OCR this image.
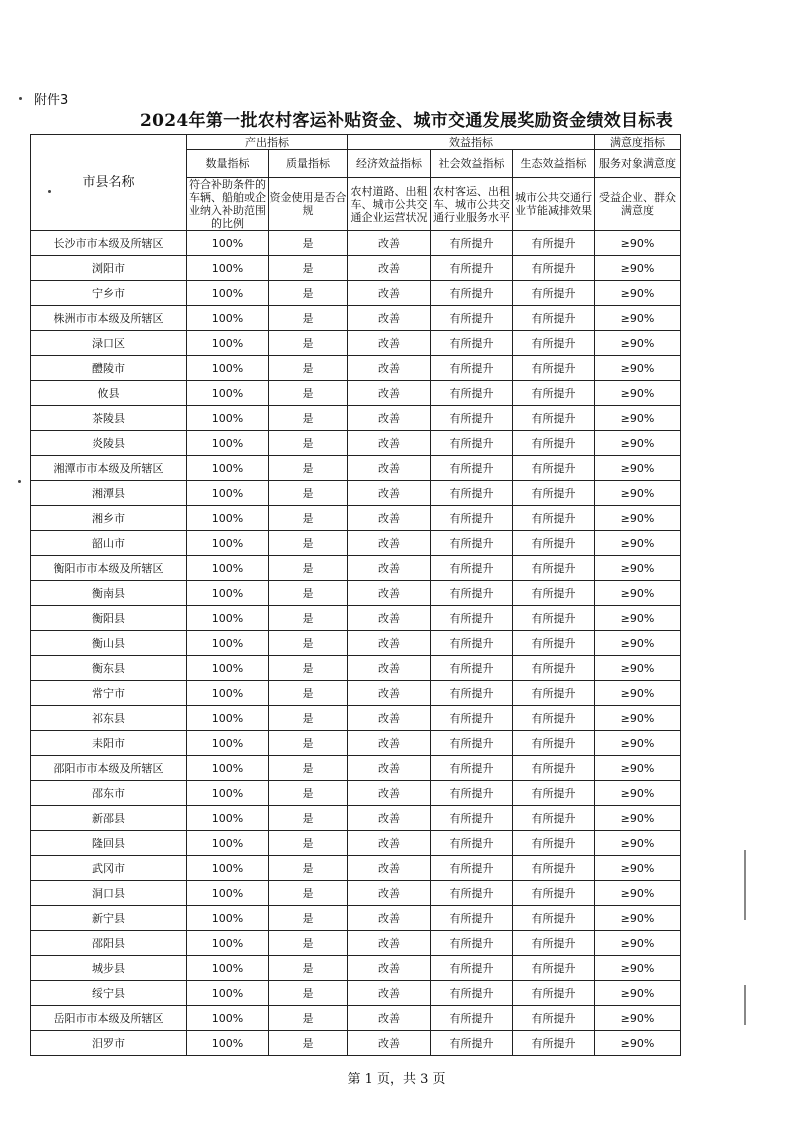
附件3
2024年第一批农村客运补贴资金、城市交通发展奖励资金绩效目标表
市县名称	产出指标		效益指标			满意度指标
	数量指标	质量指标	经济效益指标	社会效益指标	生态效益指标	服务对象满意度
	符合补助条件的车辆、船舶或企业纳入补助范围的比例	资金使用是否合规	农村道路、出租车、城市公共交通企业运营状况	农村客运、出租车、城市公共交通行业服务水平	城市公共交通行业节能减排效果	受益企业、群众满意度
长沙市市本级及所辖区	100%	是	改善	有所提升	有所提升	≥90%
浏阳市	100%	是	改善	有所提升	有所提升	≥90%
宁乡市	100%	是	改善	有所提升	有所提升	≥90%
株洲市市本级及所辖区	100%	是	改善	有所提升	有所提升	≥90%
渌口区	100%	是	改善	有所提升	有所提升	≥90%
醴陵市	100%	是	改善	有所提升	有所提升	≥90%
攸县	100%	是	改善	有所提升	有所提升	≥90%
茶陵县	100%	是	改善	有所提升	有所提升	≥90%
炎陵县	100%	是	改善	有所提升	有所提升	≥90%
湘潭市市本级及所辖区	100%	是	改善	有所提升	有所提升	≥90%
湘潭县	100%	是	改善	有所提升	有所提升	≥90%
湘乡市	100%	是	改善	有所提升	有所提升	≥90%
韶山市	100%	是	改善	有所提升	有所提升	≥90%
衡阳市市本级及所辖区	100%	是	改善	有所提升	有所提升	≥90%
衡南县	100%	是	改善	有所提升	有所提升	≥90%
衡阳县	100%	是	改善	有所提升	有所提升	≥90%
衡山县	100%	是	改善	有所提升	有所提升	≥90%
衡东县	100%	是	改善	有所提升	有所提升	≥90%
常宁市	100%	是	改善	有所提升	有所提升	≥90%
祁东县	100%	是	改善	有所提升	有所提升	≥90%
耒阳市	100%	是	改善	有所提升	有所提升	≥90%
邵阳市市本级及所辖区	100%	是	改善	有所提升	有所提升	≥90%
邵东市	100%	是	改善	有所提升	有所提升	≥90%
新邵县	100%	是	改善	有所提升	有所提升	≥90%
隆回县	100%	是	改善	有所提升	有所提升	≥90%
武冈市	100%	是	改善	有所提升	有所提升	≥90%
洞口县	100%	是	改善	有所提升	有所提升	≥90%
新宁县	100%	是	改善	有所提升	有所提升	≥90%
邵阳县	100%	是	改善	有所提升	有所提升	≥90%
城步县	100%	是	改善	有所提升	有所提升	≥90%
绥宁县	100%	是	改善	有所提升	有所提升	≥90%
岳阳市市本级及所辖区	100%	是	改善	有所提升	有所提升	≥90%
汨罗市	100%	是	改善	有所提升	有所提升	≥90%
第 1 页，共 3 页
